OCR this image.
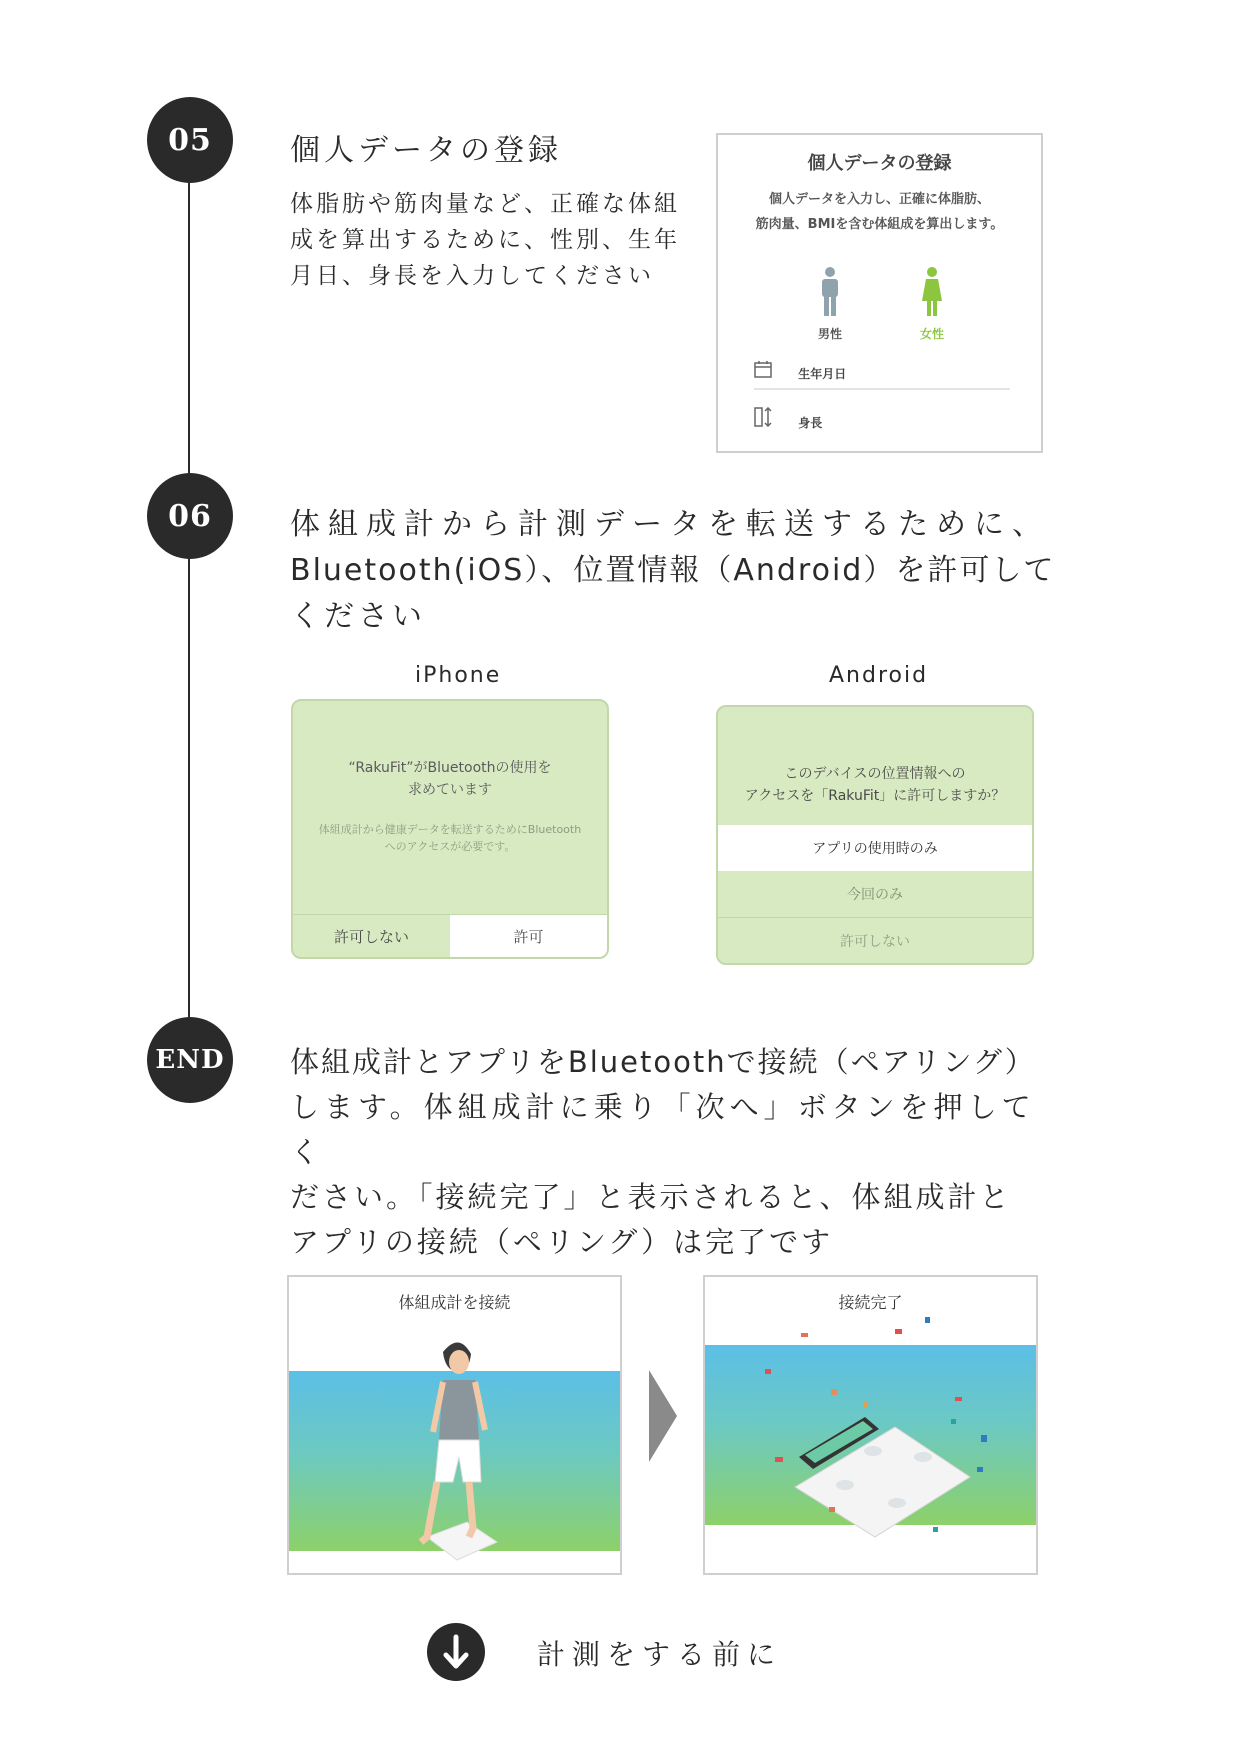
05	個人データの登録
体脂肪や筋肉量など、正確な体組
成を算出するために、性別、生年
月日、身長を入力してください
個人データの登録
個人データを入力し、正確に体脂肪、
筋肉量、BMIを含む体組成を算出します。
男性	女性
生年月日
身長
06	体組成計から計測データを転送するために、
Bluetooth(iOS）、位置情報（Android）を許可して
ください
iPhone
“RakuFit”がBluetoothの使用を
求めています
体組成計から健康データを転送するためにBluetooth
へのアクセスが必要です。
許可しない	許可
Android
このデバイスの位置情報への
アクセスを「RakuFit」に許可しますか？
アプリの使用時のみ
今回のみ
許可しない
END 体組成計とアプリをBluetoothで接続（ペアリング）
します。体組成計に乗り「次へ」ボタンを押してく
ださい。「接続完了」と表示されると、体組成計と
アプリの接続（ペリング）は完了です
体組成計を接続	接続完了
計測をする前に
